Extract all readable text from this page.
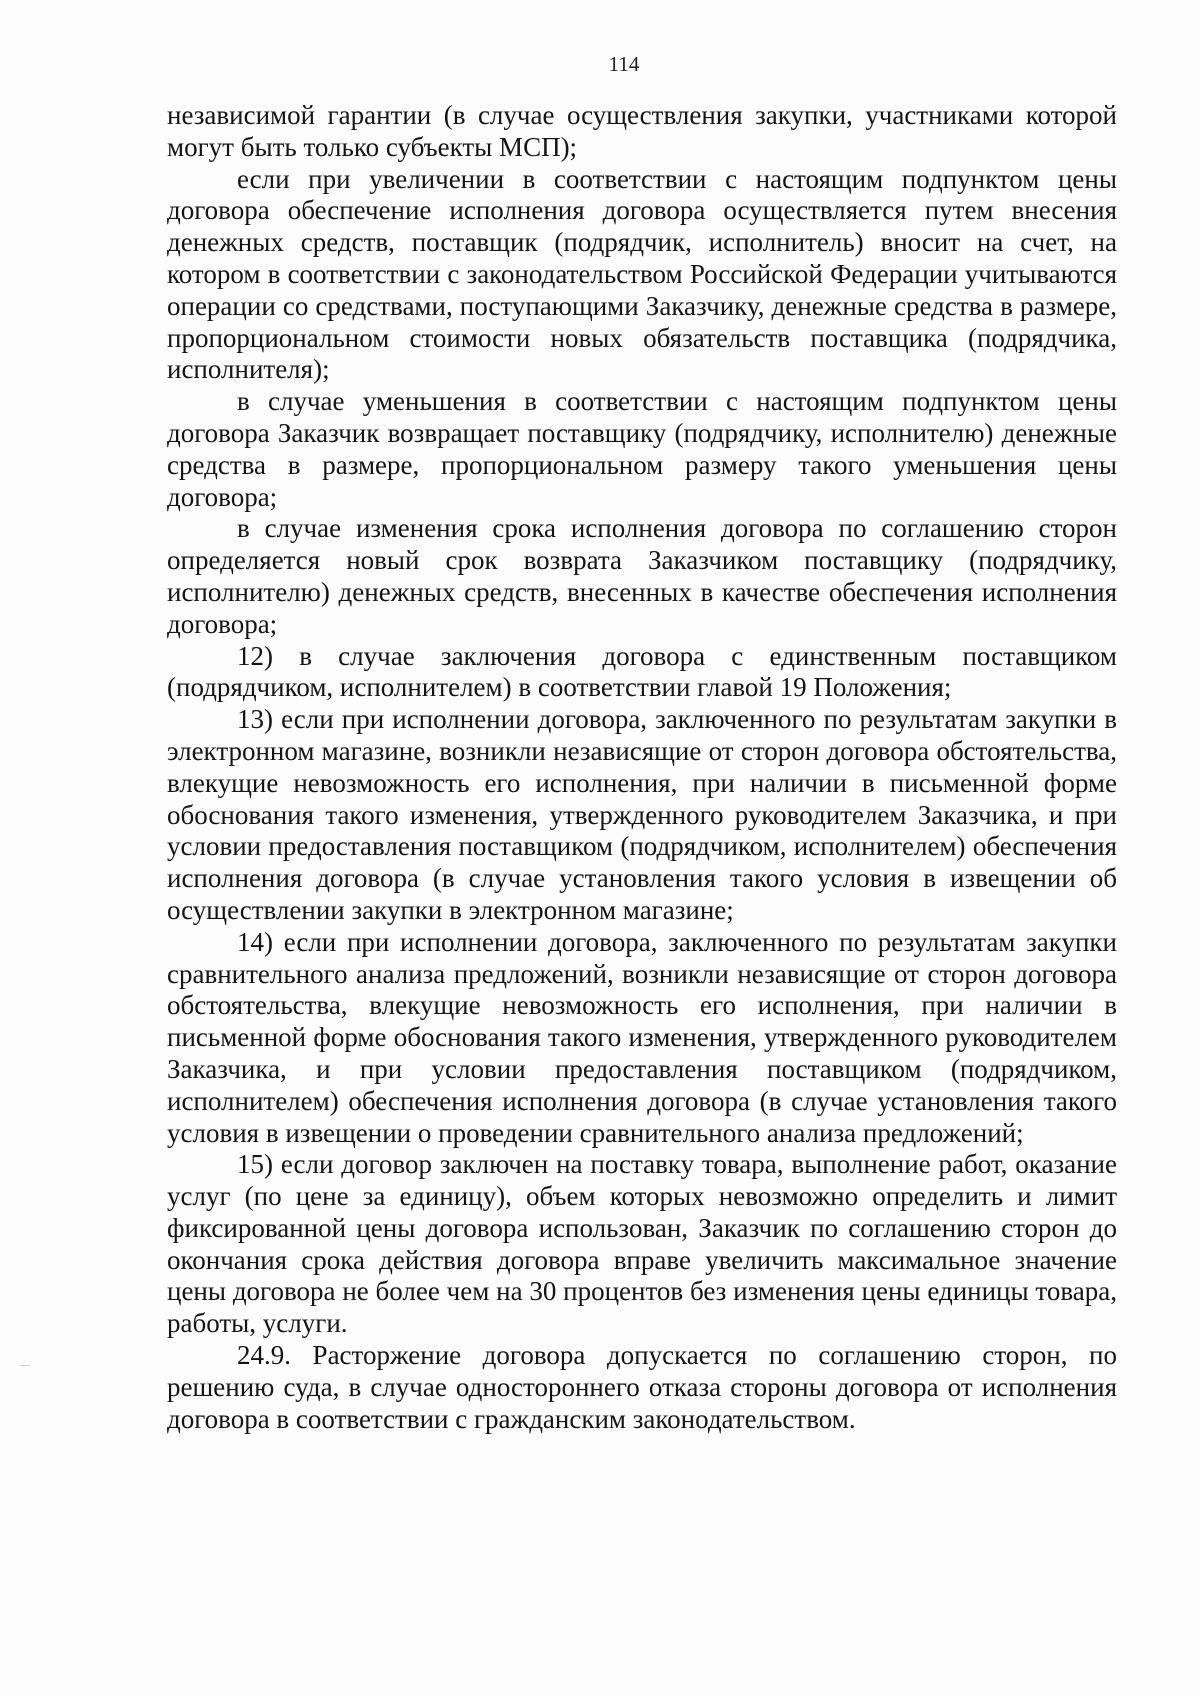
114

независимой гарантии (в случае осуществления закупки, участниками которой могут быть только субъекты МСП);

если при увеличении в соответствии с настоящим подпунктом цены договора обеспечение исполнения договора осуществляется путем внесения денежных средств, поставщик (подрядчик, исполнитель) вносит на счет, на котором в соответствии с законодательством Российской Федерации учитываются операции со средствами, поступающими Заказчику, денежные средства в размере, пропорциональном стоимости новых обязательств поставщика (подрядчика, исполнителя);

в случае уменьшения в соответствии с настоящим подпунктом цены договора Заказчик возвращает поставщику (подрядчику, исполнителю) денежные средства в размере, пропорциональном размеру такого уменьшения цены договора;

в случае изменения срока исполнения договора по соглашению сторон определяется новый срок возврата Заказчиком поставщику (подрядчику, исполнителю) денежных средств, внесенных в качестве обеспечения исполнения договора;

12) в случае заключения договора с единственным поставщиком (подрядчиком, исполнителем) в соответствии главой 19 Положения;

13) если при исполнении договора, заключенного по результатам закупки в электронном магазине, возникли независящие от сторон договора обстоятельства, влекущие невозможность его исполнения, при наличии в письменной форме обоснования такого изменения, утвержденного руководителем Заказчика, и при условии предоставления поставщиком (подрядчиком, исполнителем) обеспечения исполнения договора (в случае установления такого условия в извещении об осуществлении закупки в электронном магазине;

14) если при исполнении договора, заключенного по результатам закупки сравнительного анализа предложений, возникли независящие от сторон договора обстоятельства, влекущие невозможность его исполнения, при наличии в письменной форме обоснования такого изменения, утвержденного руководителем Заказчика, и при условии предоставления поставщиком (подрядчиком, исполнителем) обеспечения исполнения договора (в случае установления такого условия в извещении о проведении сравнительного анализа предложений;

15) если договор заключен на поставку товара, выполнение работ, оказание услуг (по цене за единицу), объем которых невозможно определить и лимит фиксированной цены договора использован, Заказчик по соглашению сторон до окончания срока действия договора вправе увеличить максимальное значение цены договора не более чем на 30 процентов без изменения цены единицы товара, работы, услуги.

24.9. Расторжение договора допускается по соглашению сторон, по решению суда, в случае одностороннего отказа стороны договора от исполнения договора в соответствии с гражданским законодательством.
